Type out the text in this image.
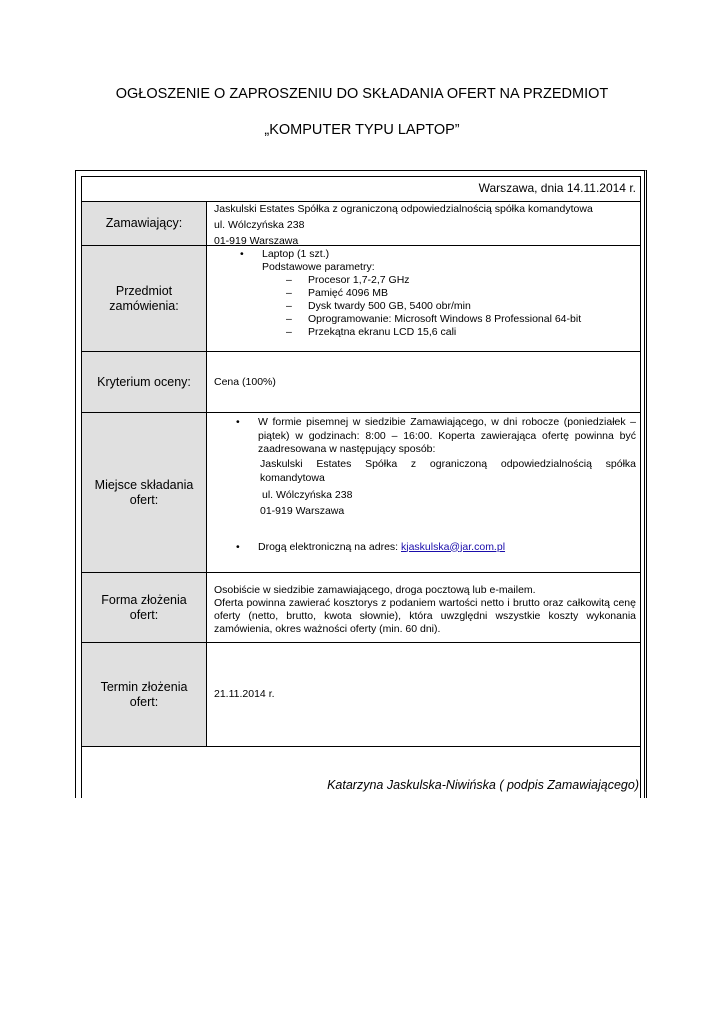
OGŁOSZENIE O ZAPROSZENIU DO SKŁADANIA OFERT NA PRZEDMIOT
„KOMPUTER TYPU LAPTOP”
Warszawa, dnia 14.11.2014 r.
Zamawiający:
Jaskulski Estates Spółka z ograniczoną odpowiedzialnością spółka komandytowa
ul. Wólczyńska 238
01-919 Warszawa
Przedmiot zamówienia:
• Laptop (1 szt.)
Podstawowe parametry:
– Procesor 1,7-2,7 GHz
– Pamięć 4096 MB
– Dysk twardy 500 GB, 5400 obr/min
– Oprogramowanie: Microsoft Windows 8 Professional 64-bit
– Przekątna ekranu LCD 15,6 cali
Kryterium oceny:	Cena (100%)
Miejsce składania ofert:
• W formie pisemnej w siedzibie Zamawiającego, w dni robocze (poniedziałek – piątek) w godzinach: 8:00 – 16:00. Koperta zawierająca ofertę powinna być zaadresowana w następujący sposób:
Jaskulski Estates Spółka z ograniczoną odpowiedzialnością spółka komandytowa
ul. Wólczyńska 238
01-919 Warszawa
• Drogą elektroniczną na adres: kjaskulska@jar.com.pl
Forma złożenia ofert:
Osobiście w siedzibie zamawiającego, droga pocztową lub e-mailem.
Oferta powinna zawierać kosztorys z podaniem wartości netto i brutto oraz całkowitą cenę oferty (netto, brutto, kwota słownie), która uwzględni wszystkie koszty wykonania zamówienia, okres ważności oferty (min. 60 dni).
Termin złożenia ofert:
21.11.2014 r.
Katarzyna Jaskulska-Niwińska ( podpis Zamawiającego)
